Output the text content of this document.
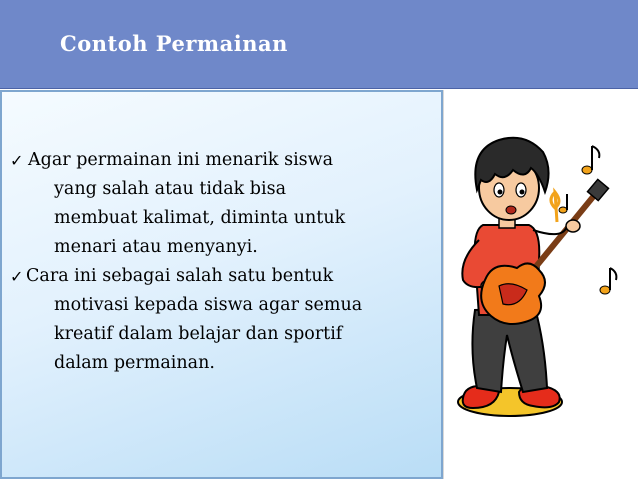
Contoh Permainan
✓ Agar permainan ini menarik siswa
yang salah atau tidak bisa
membuat kalimat, diminta untuk
menari atau menyanyi.
✓ Cara ini sebagai salah satu bentuk
motivasi kepada siswa agar semua
kreatif dalam belajar dan sportif
dalam permainan.
